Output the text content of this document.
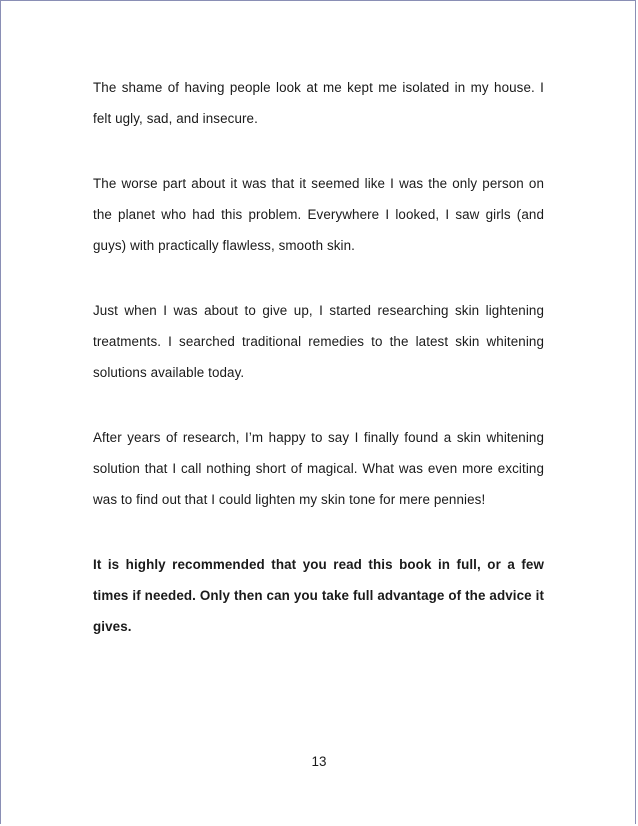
The shame of having people look at me kept me isolated in my house. I felt ugly, sad, and insecure.

The worse part about it was that it seemed like I was the only person on the planet who had this problem. Everywhere I looked, I saw girls (and guys) with practically flawless, smooth skin.

Just when I was about to give up, I started researching skin lightening treatments. I searched traditional remedies to the latest skin whitening solutions available today.

After years of research, I’m happy to say I finally found a skin whitening solution that I call nothing short of magical. What was even more exciting was to find out that I could lighten my skin tone for mere pennies!

It is highly recommended that you read this book in full, or a few times if needed. Only then can you take full advantage of the advice it gives.

13
